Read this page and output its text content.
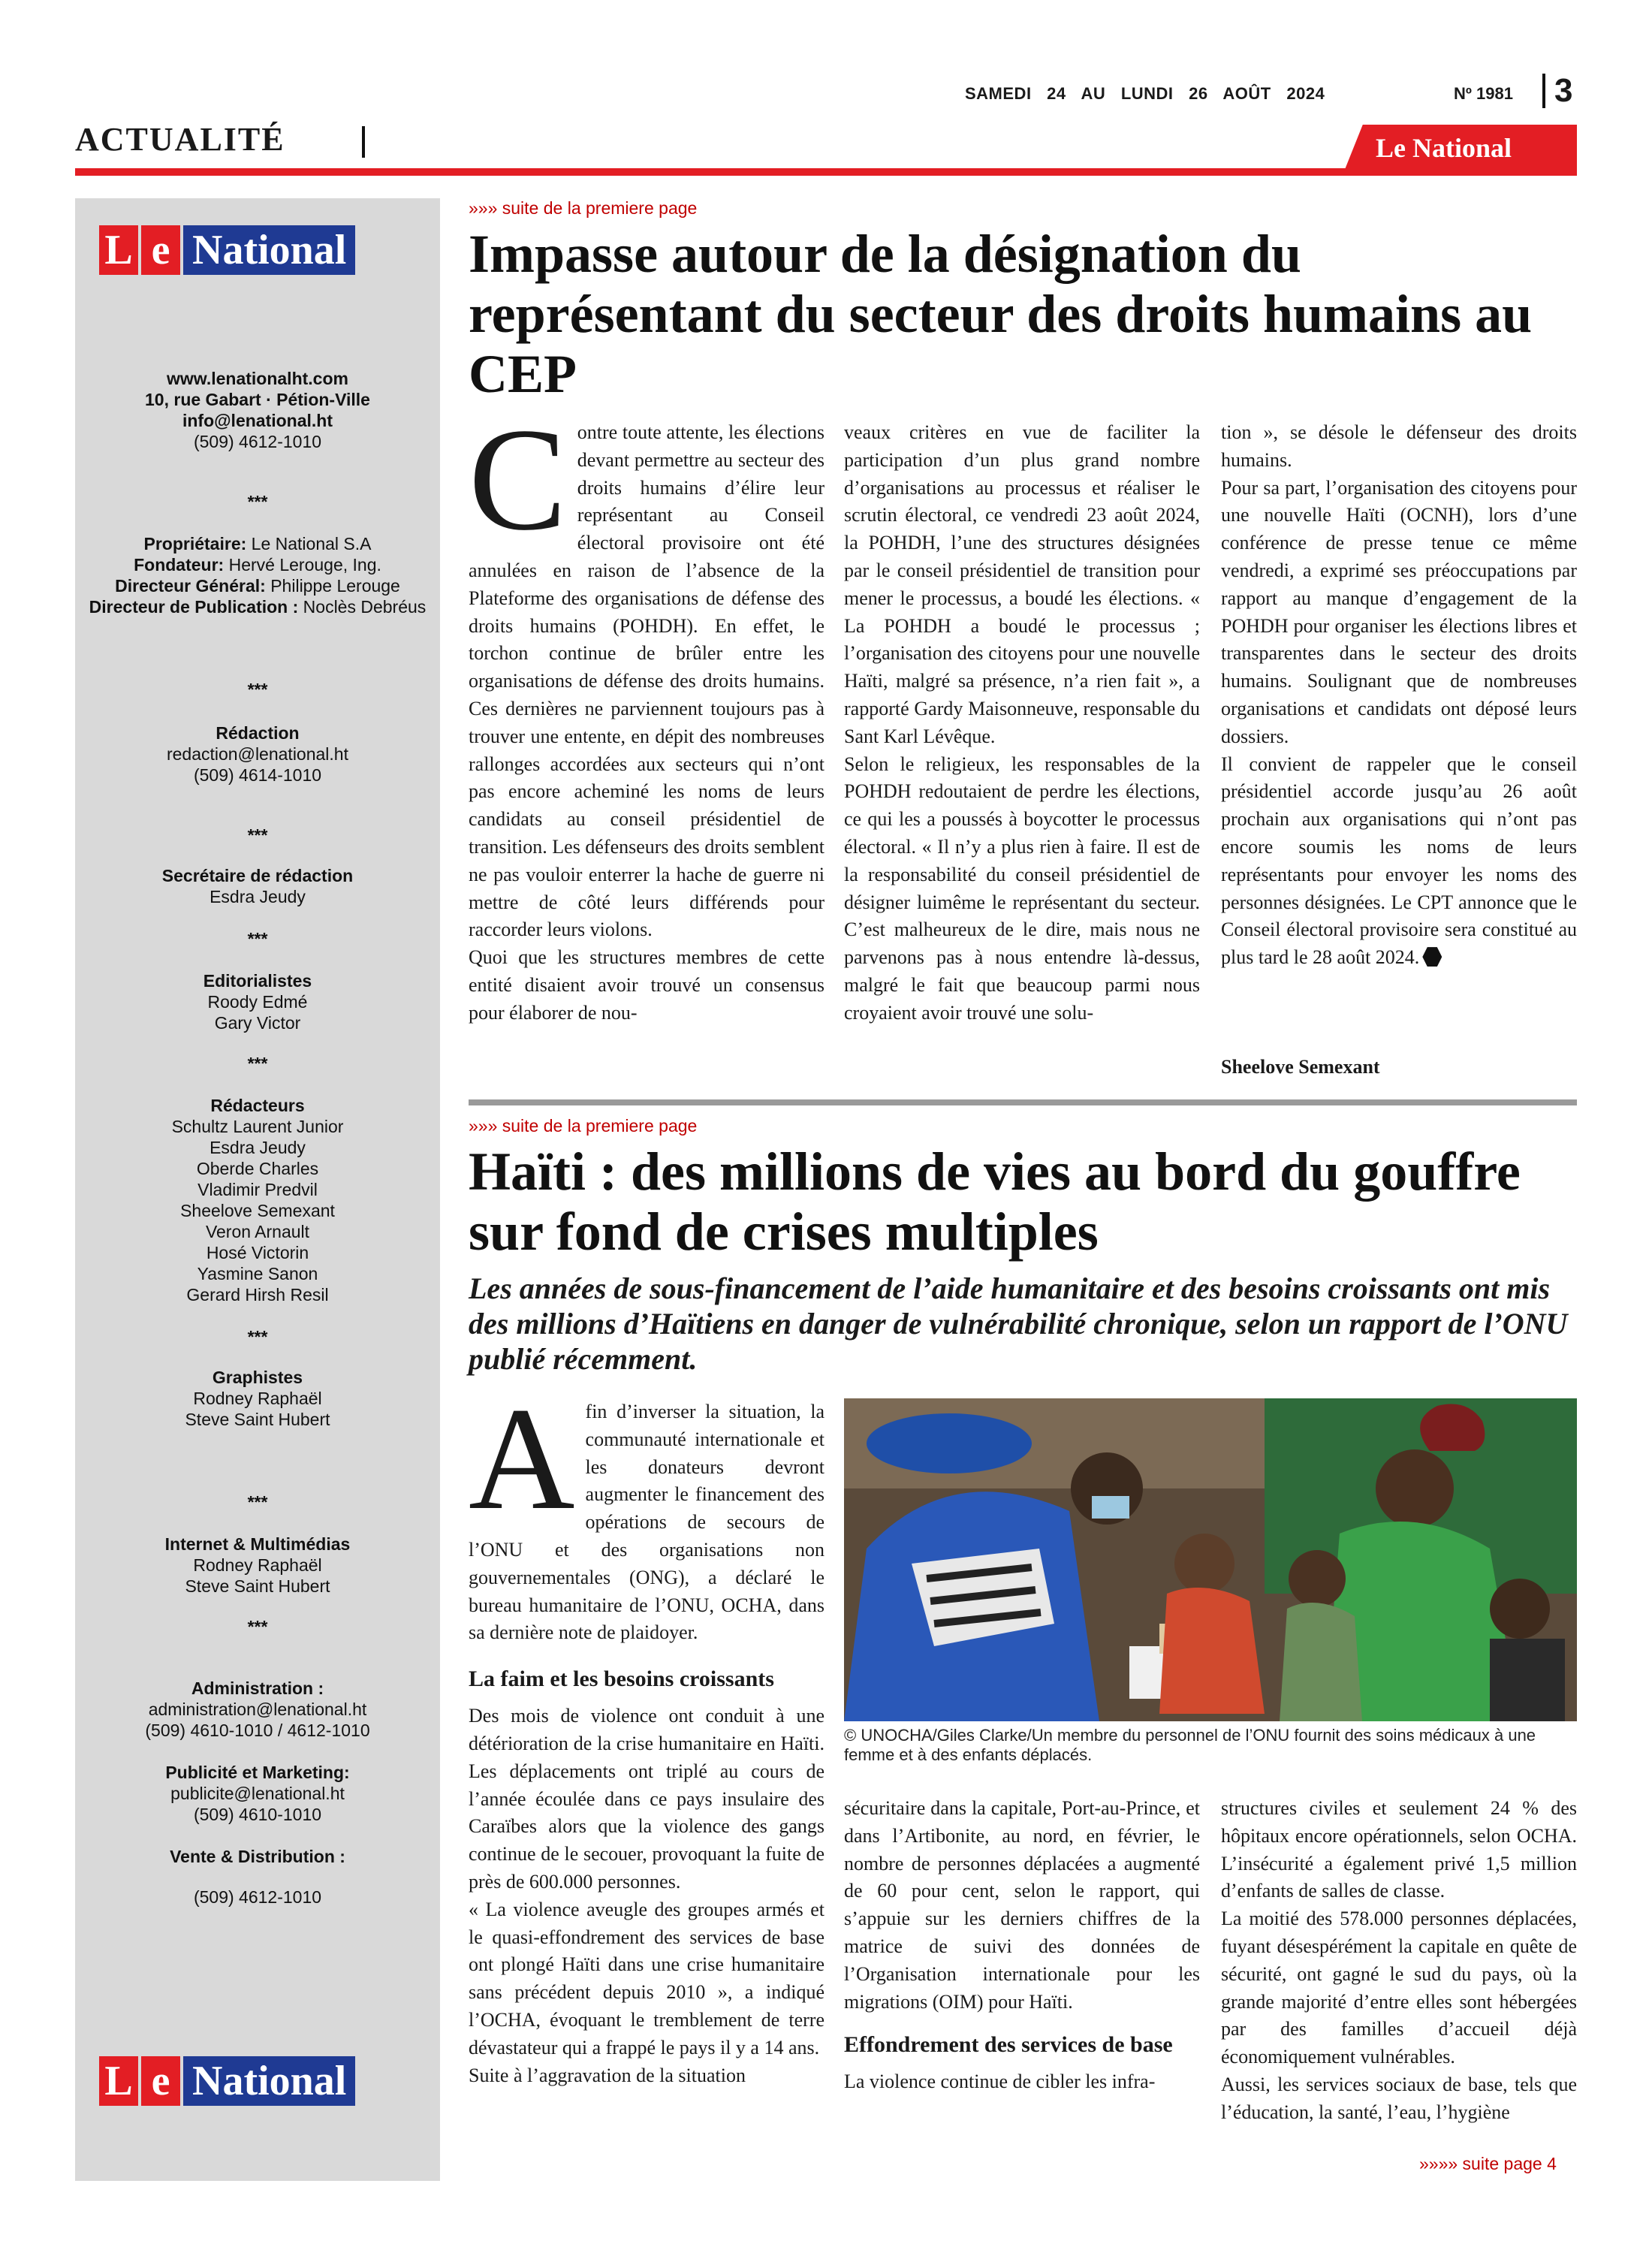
SAMEDI 24 AU LUNDI 26 AOÛT 2024	Nº 1981 3
ACTUALITÉ	Le National
L e National
www.lenationalht.com
10, rue Gabart · Pétion-Ville
info@lenational.ht
(509) 4612-1010
***
Propriétaire: Le National S.A
Fondateur: Hervé Lerouge, Ing.
Directeur Général: Philippe Lerouge
Directeur de Publication : Noclès Debréus
***
Rédaction
redaction@lenational.ht
(509) 4614-1010
***
Secrétaire de rédaction
Esdra Jeudy
***
Editorialistes
Roody Edmé
Gary Victor
***
Rédacteurs
Schultz Laurent Junior
Esdra Jeudy
Oberde Charles
Vladimir Predvil
Sheelove Semexant
Veron Arnault
Hosé Victorin
Yasmine Sanon
Gerard Hirsh Resil
***
Graphistes
Rodney Raphaël
Steve Saint Hubert
***
Internet & Multimédias
Rodney Raphaël
Steve Saint Hubert
***
Administration :
administration@lenational.ht
(509) 4610-1010 / 4612-1010
Publicité et Marketing:
publicite@lenational.ht
(509) 4610-1010
Vente & Distribution :
(509) 4612-1010
L e National
»»» suite de la premiere page
Impasse autour de la désignation du représentant du secteur des droits humains au CEP

Contre toute attente, les élections devant permettre au secteur des droits humains d’élire leur représentant au Conseil électoral provisoire ont été annulées en raison de l’absence de la Plateforme des organisations de défense des droits humains (POHDH). En effet, le torchon continue de brûler entre les organisations de défense des droits humains. Ces dernières ne parviennent toujours pas à trouver une entente, en dépit des nombreuses rallonges accordées aux secteurs qui n’ont pas encore acheminé les noms de leurs candidats au conseil présidentiel de transition. Les défenseurs des droits semblent ne pas vouloir enterrer la hache de guerre ni mettre de côté leurs différends pour raccorder leurs violons.

Quoi que les structures membres de cette entité disaient avoir trouvé un consensus pour élaborer de nou-

veaux critères en vue de faciliter la participation d’un plus grand nombre d’organisations au processus et réaliser le scrutin électoral, ce vendredi 23 août 2024, la POHDH, l’une des structures désignées par le conseil présidentiel de transition pour mener le processus, a boudé les élections. « La POHDH a boudé le processus ; l’organisation des citoyens pour une nouvelle Haïti, malgré sa présence, n’a rien fait », a rapporté Gardy Maisonneuve, responsable du Sant Karl Lévêque.

Selon le religieux, les responsables de la POHDH redoutaient de perdre les élections, ce qui les a poussés à boycotter le processus électoral. « Il n’y a plus rien à faire. Il est de la responsabilité du conseil présidentiel de désigner luimême le représentant du secteur. C’est malheureux de le dire, mais nous ne parvenons pas à nous entendre là-dessus, malgré le fait que beaucoup parmi nous croyaient avoir trouvé une solu-

tion », se désole le défenseur des droits humains.

Pour sa part, l’organisation des citoyens pour une nouvelle Haïti (OCNH), lors d’une conférence de presse tenue ce même vendredi, a exprimé ses préoccupations par rapport au manque d’engagement de la POHDH pour organiser les élections libres et transparentes dans le secteur des droits humains. Soulignant que de nombreuses organisations et candidats ont déposé leurs dossiers.

Il convient de rappeler que le conseil présidentiel accorde jusqu’au 26 août prochain aux organisations qui n’ont pas encore soumis les noms de leurs représentants pour envoyer les noms des personnes désignées. Le CPT annonce que le Conseil électoral provisoire sera constitué au plus tard le 28 août 2024.

Sheelove Semexant
»»» suite de la premiere page
Haïti : des millions de vies au bord du gouffre sur fond de crises multiples
Les années de sous-financement de l’aide humanitaire et des besoins croissants ont mis des millions d’Haïtiens en danger de vulnérabilité chronique, selon un rapport de l’ONU publié récemment.

Afin d’inverser la situation, la communauté internationale et les donateurs devront augmenter le financement des opérations de secours de l’ONU et des organisations non gouvernementales (ONG), a déclaré le bureau humanitaire de l’ONU, OCHA, dans sa dernière note de plaidoyer.

La faim et les besoins croissants

Des mois de violence ont conduit à une détérioration de la crise humanitaire en Haïti. Les déplacements ont triplé au cours de l’année écoulée dans ce pays insulaire des Caraïbes alors que la violence des gangs continue de le secouer, provoquant la fuite de près de 600.000 personnes.

« La violence aveugle des groupes armés et le quasi-effondrement des services de base ont plongé Haïti dans une crise humanitaire sans précédent depuis 2010 », a indiqué l’OCHA, évoquant le tremblement de terre dévastateur qui a frappé le pays il y a 14 ans.

Suite à l’aggravation de la situation

© UNOCHA/Giles Clarke/Un membre du personnel de l’ONU fournit des soins médicaux à une femme et à des enfants déplacés.

sécuritaire dans la capitale, Port-au-Prince, et dans l’Artibonite, au nord, en février, le nombre de personnes déplacées a augmenté de 60 pour cent, selon le rapport, qui s’appuie sur les derniers chiffres de la matrice de suivi des données de l’Organisation internationale pour les migrations (OIM) pour Haïti.

Effondrement des services de base

La violence continue de cibler les infra-

structures civiles et seulement 24 % des hôpitaux encore opérationnels, selon OCHA. L’insécurité a également privé 1,5 million d’enfants de salles de classe.

La moitié des 578.000 personnes déplacées, fuyant désespérément la capitale en quête de sécurité, ont gagné le sud du pays, où la grande majorité d’entre elles sont hébergées par des familles d’accueil déjà économiquement vulnérables.

Aussi, les services sociaux de base, tels que l’éducation, la santé, l’eau, l’hygiène

»»»» suite page 4
